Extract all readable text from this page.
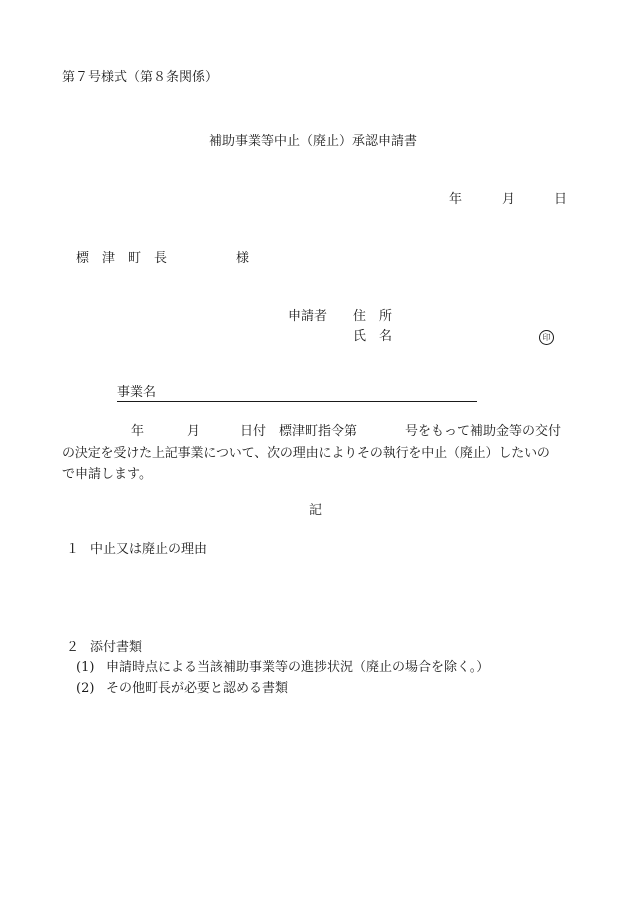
第７号様式（第８条関係）
補助事業等中止（廃止）承認申請書
年	月	日
標　津　町　長	様
申請者 住　所
氏　名	印
事業名
年	月	日付　標津町指令第	号をもって補助金等の交付
の決定を受けた上記事業について、次の理由によりその執行を中止（廃止）したいの
で申請します。
記
１ 中止又は廃止の理由
２ 添付書類
(1) 申請時点による当該補助事業等の進捗状況（廃止の場合を除く。）
(2) その他町長が必要と認める書類
